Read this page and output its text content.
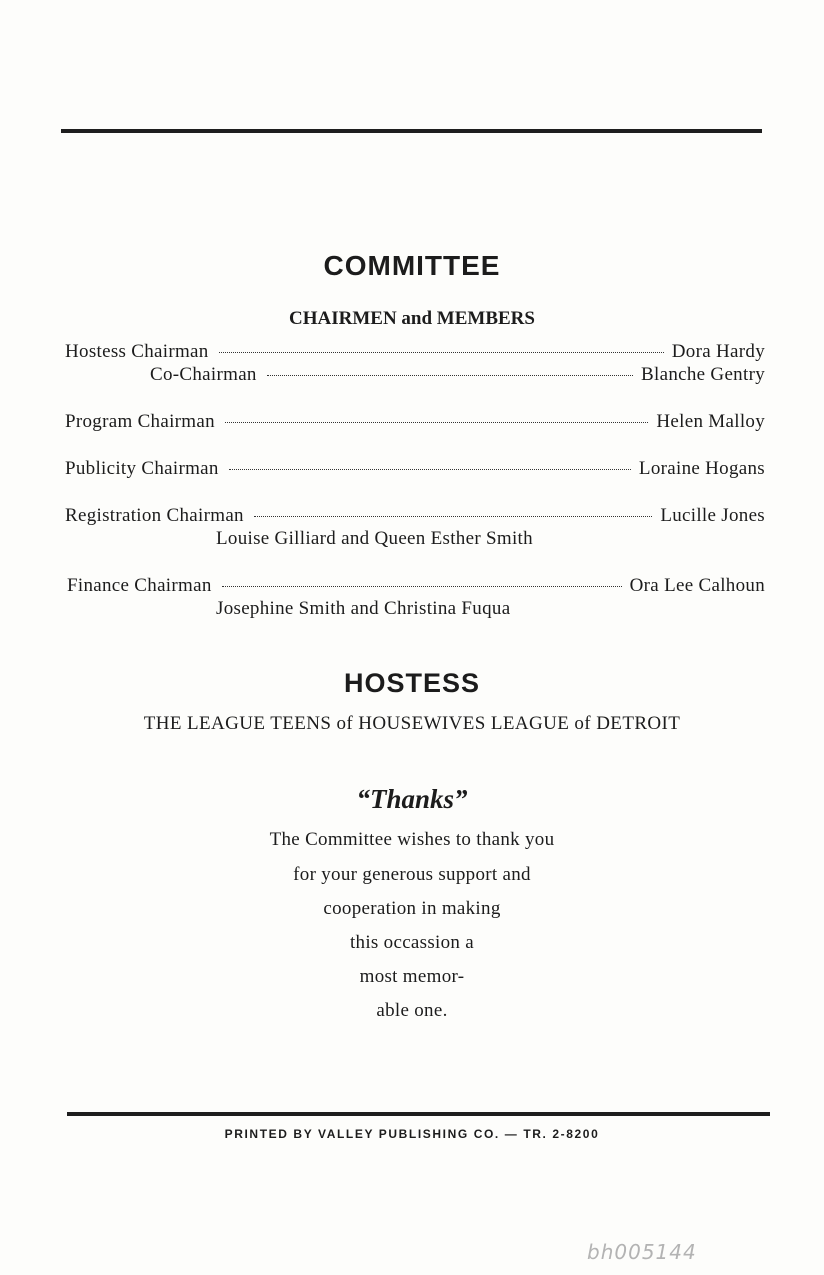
COMMITTEE
CHAIRMEN and MEMBERS
Hostess Chairman	Dora Hardy
Co-Chairman	Blanche Gentry
Program Chairman	Helen Malloy
Publicity Chairman	Loraine Hogans
Registration Chairman	Lucille Jones
Louise Gilliard and Queen Esther Smith
Finance Chairman	Ora Lee Calhoun
Josephine Smith and Christina Fuqua
HOSTESS
THE LEAGUE TEENS of HOUSEWIVES LEAGUE of DETROIT
“Thanks”
The Committee wishes to thank you
for your generous support and
cooperation in making
this occassion a
most memor-
able one.
PRINTED BY VALLEY PUBLISHING CO. — TR. 2-8200
bh005144
